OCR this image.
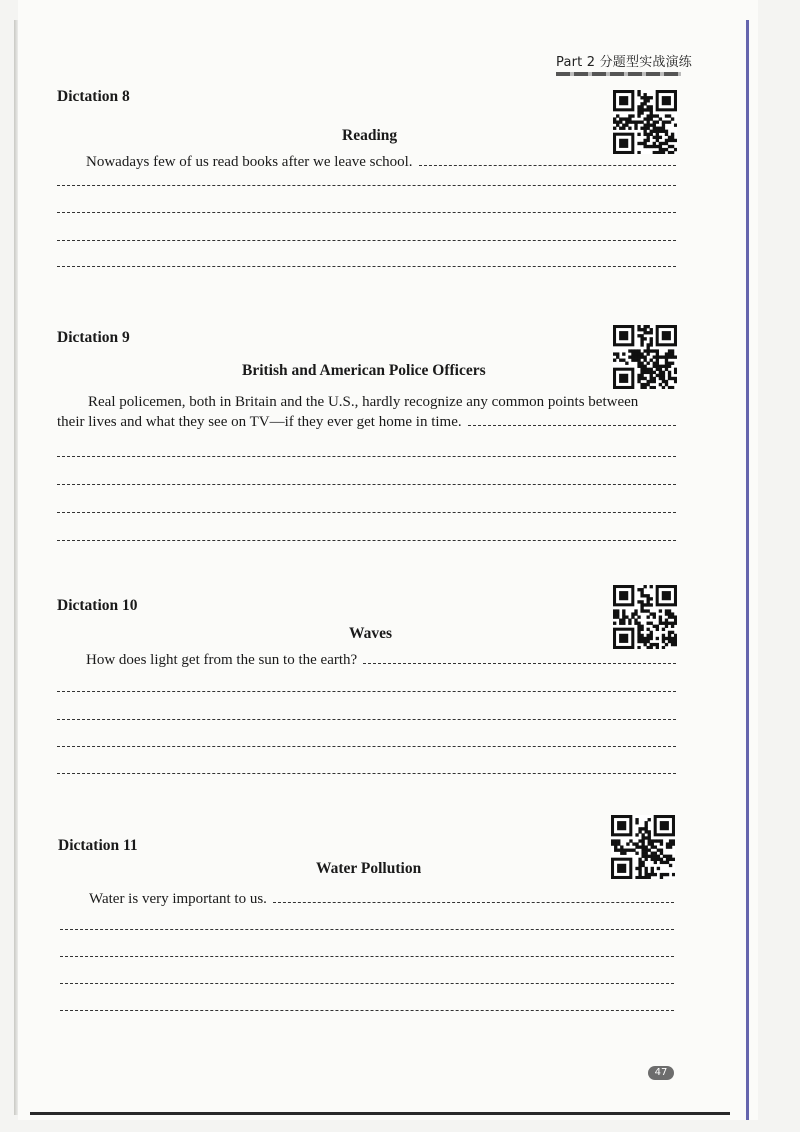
Part 2 分题型实战演练
Dictation 8
Reading
Nowadays few of us read books after we leave school.
Dictation 9
British and American Police Officers
Real policemen, both in Britain and the U.S., hardly recognize any common points between
their lives and what they see on TV—if they ever get home in time.
Dictation 10
Waves
How does light get from the sun to the earth?
Dictation 11
Water Pollution
Water is very important to us.
47
